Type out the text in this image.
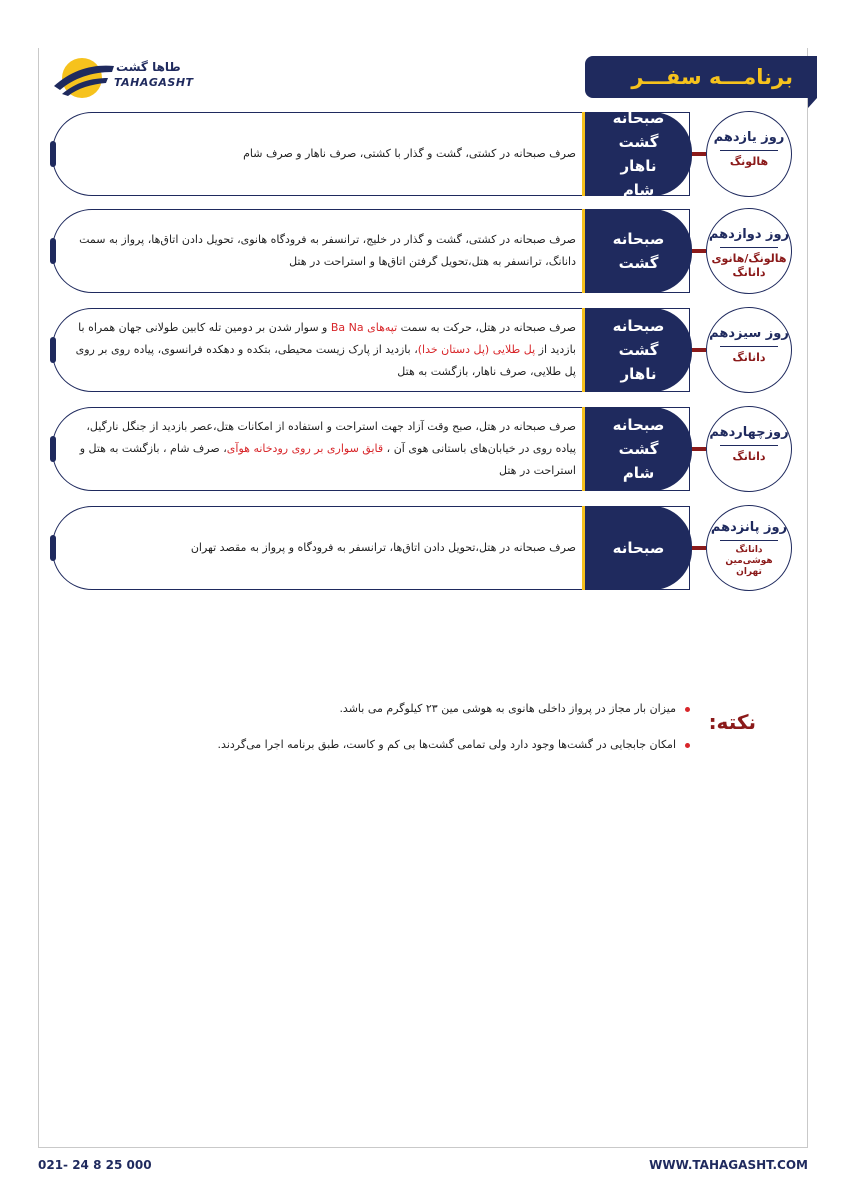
طاها گشت
TAHAGASHT	برنامـــه سفـــر

صرف صبحانه در کشتی، گشت و گذار با کشتی، صرف ناهار و صرف شام

صبحانه
گشت
ناهار
شام
روز یازدهم
هالونگ

صرف صبحانه در کشتی، گشت و گذار در خلیج، ترانسفر به فرودگاه هانوی، تحویل دادن اتاق‌ها، پرواز به سمت دانانگ، ترانسفر به هتل،تحویل گرفتن اتاق‌ها و استراحت در هتل

صبحانه
گشت
روز دوازدهم
هالونگ/هانوی
دانانگ

صرف صبحانه در هتل، حرکت به سمت تپه‌های Ba Na و سوار شدن بر دومین تله کابین طولانی جهان همراه با بازدید از پل طلایی (پل دستان خدا)، بازدید از پارک زیست محیطی، بتکده و دهکده فرانسوی، پیاده روی بر روی پل طلایی، صرف ناهار، بازگشت به هتل

صبحانه
گشت
ناهار
روز سیزدهم
دانانگ

صرف صبحانه در هتل، صبح وقت آزاد جهت استراحت و استفاده از امکانات هتل،عصر بازدید از جنگل نارگیل، پیاده روی در خیابان‌های باستانی هوی آن ، قایق سواری بر روی رودخانه هوآی، صرف شام ، بازگشت به هتل و استراحت در هتل

صبحانه
گشت
شام
روزچهاردهم
دانانگ

صرف صبحانه در هتل،تحویل دادن اتاق‌ها، ترانسفر به فرودگاه و پرواز به مقصد تهران صبحانه
روز پانزدهم
دانانگ
هوشی‌مین
تهران
نکته:
میزان بار مجاز در پرواز داخلی هانوی به هوشی مین ۲۳ کیلوگرم می باشد.
امکان جابجایی در گشت‌ها وجود دارد ولی تمامی گشت‌ها بی کم و کاست، طبق برنامه اجرا می‌گردند.
021- 24 8 25 000	WWW.TAHAGASHT.COM
